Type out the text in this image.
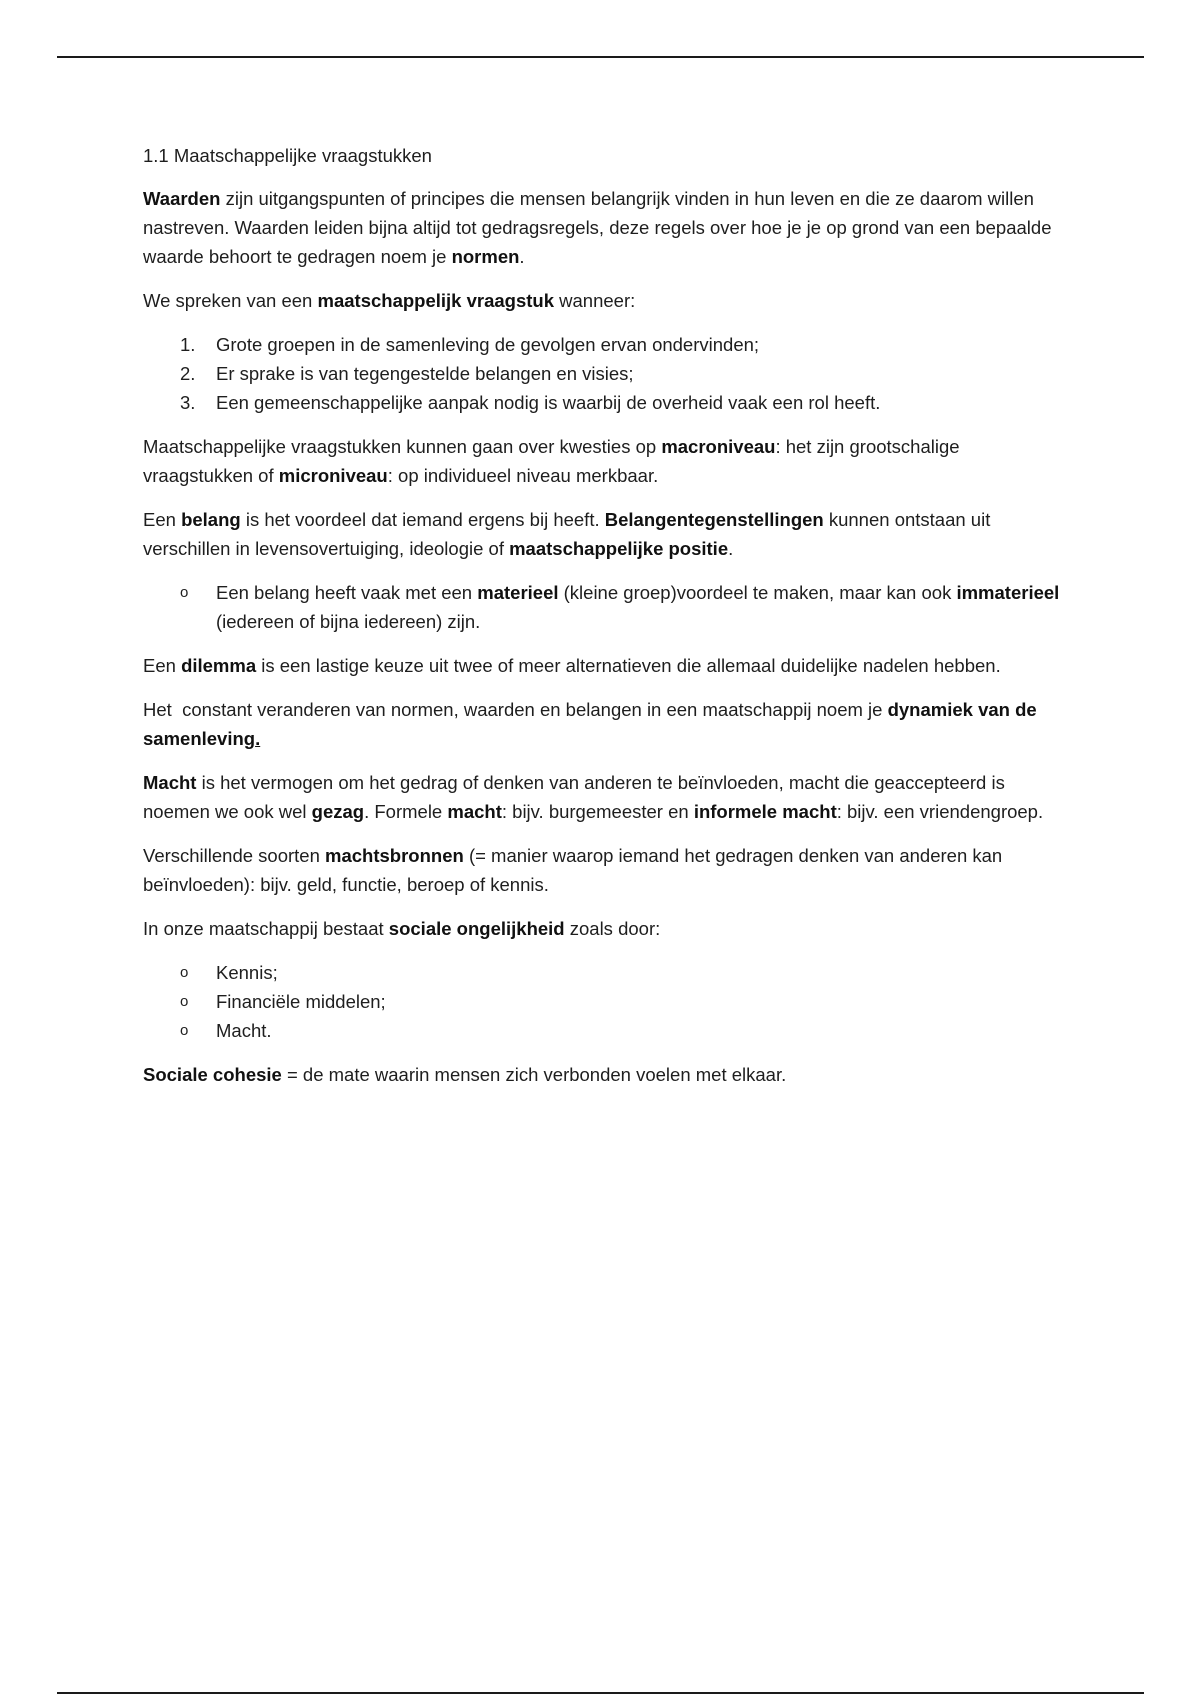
1.1 Maatschappelijke vraagstukken

Waarden zijn uitgangspunten of principes die mensen belangrijk vinden in hun leven en die ze daarom willen nastreven. Waarden leiden bijna altijd tot gedragsregels, deze regels over hoe je je op grond van een bepaalde waarde behoort te gedragen noem je normen.

We spreken van een maatschappelijk vraagstuk wanneer:

1. Grote groepen in de samenleving de gevolgen ervan ondervinden;
2. Er sprake is van tegengestelde belangen en visies;
3. Een gemeenschappelijke aanpak nodig is waarbij de overheid vaak een rol heeft.

Maatschappelijke vraagstukken kunnen gaan over kwesties op macroniveau: het zijn grootschalige vraagstukken of microniveau: op individueel niveau merkbaar.

Een belang is het voordeel dat iemand ergens bij heeft. Belangentegenstellingen kunnen ontstaan uit verschillen in levensovertuiging, ideologie of maatschappelijke positie.

o Een belang heeft vaak met een materieel (kleine groep)voordeel te maken, maar kan ook immaterieel (iedereen of bijna iedereen) zijn.

Een dilemma is een lastige keuze uit twee of meer alternatieven die allemaal duidelijke nadelen hebben.

Het  constant veranderen van normen, waarden en belangen in een maatschappij noem je dynamiek van de samenleving.

Macht is het vermogen om het gedrag of denken van anderen te beïnvloeden, macht die geaccepteerd is noemen we ook wel gezag. Formele macht: bijv. burgemeester en informele macht: bijv. een vriendengroep.

Verschillende soorten machtsbronnen (= manier waarop iemand het gedragen denken van anderen kan beïnvloeden): bijv. geld, functie, beroep of kennis.

In onze maatschappij bestaat sociale ongelijkheid zoals door:

o Kennis;
o Financiële middelen;
o Macht.

Sociale cohesie = de mate waarin mensen zich verbonden voelen met elkaar.
